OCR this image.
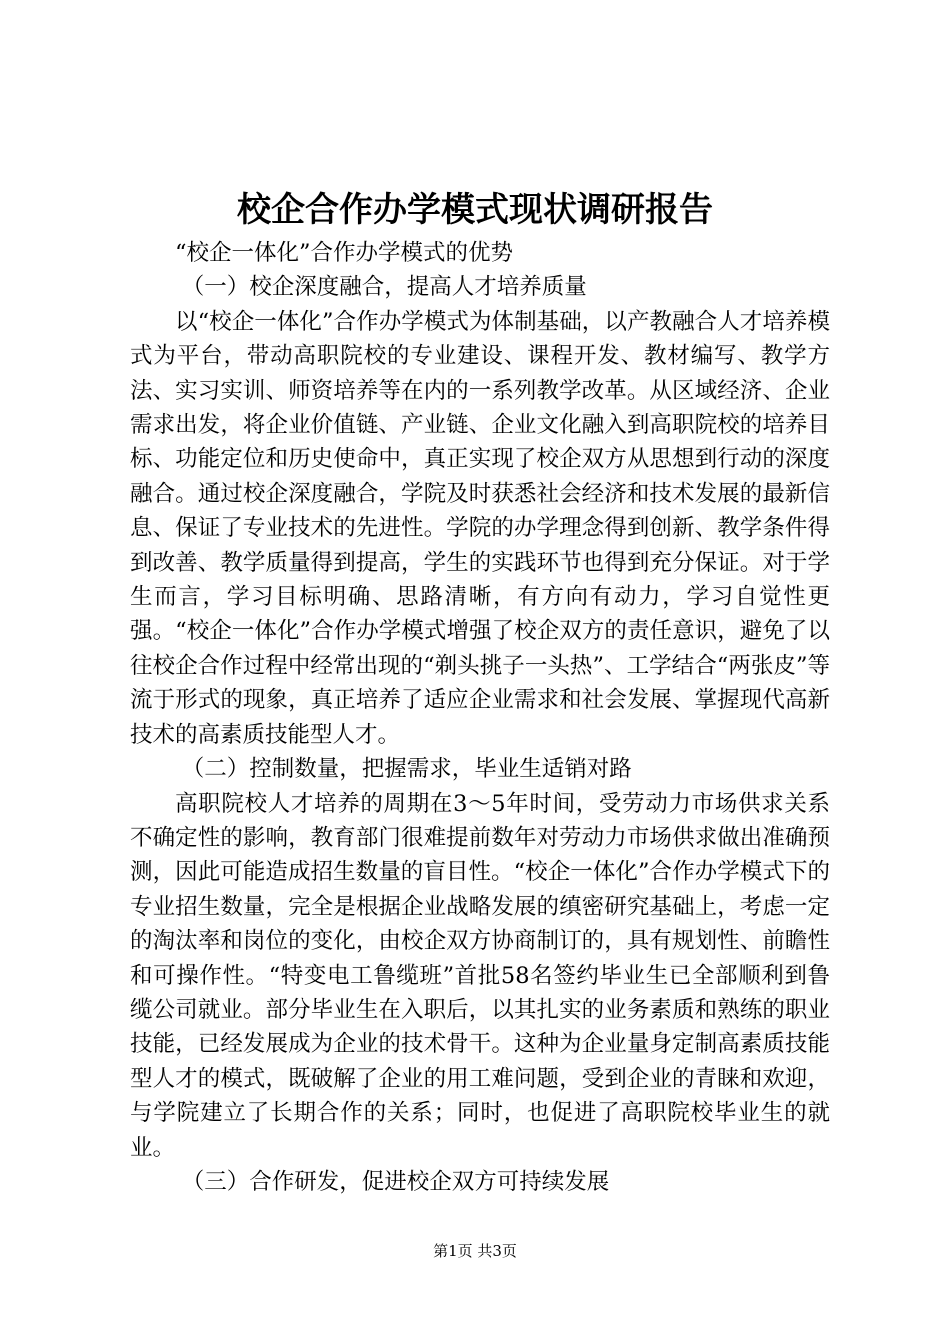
校企合作办学模式现状调研报告

“校企一体化”合作办学模式的优势

（一）校企深度融合，提高人才培养质量

以“校企一体化”合作办学模式为体制基础，以产教融合人才培养模式为平台，带动高职院校的专业建设、课程开发、教材编写、教学方法、实习实训、师资培养等在内的一系列教学改革。从区域经济、企业需求出发，将企业价值链、产业链、企业文化融入到高职院校的培养目标、功能定位和历史使命中，真正实现了校企双方从思想到行动的深度融合。通过校企深度融合，学院及时获悉社会经济和技术发展的最新信息、保证了专业技术的先进性。学院的办学理念得到创新、教学条件得到改善、教学质量得到提高，学生的实践环节也得到充分保证。对于学生而言，学习目标明确、思路清晰，有方向有动力，学习自觉性更强。“校企一体化”合作办学模式增强了校企双方的责任意识，避免了以往校企合作过程中经常出现的“剃头挑子一头热”、工学结合“两张皮”等流于形式的现象，真正培养了适应企业需求和社会发展、掌握现代高新技术的高素质技能型人才。

（二）控制数量，把握需求，毕业生适销对路

高职院校人才培养的周期在3～5年时间，受劳动力市场供求关系不确定性的影响，教育部门很难提前数年对劳动力市场供求做出准确预测，因此可能造成招生数量的盲目性。“校企一体化”合作办学模式下的专业招生数量，完全是根据企业战略发展的缜密研究基础上，考虑一定的淘汰率和岗位的变化，由校企双方协商制订的，具有规划性、前瞻性和可操作性。“特变电工鲁缆班”首批58名签约毕业生已全部顺利到鲁缆公司就业。部分毕业生在入职后，以其扎实的业务素质和熟练的职业技能，已经发展成为企业的技术骨干。这种为企业量身定制高素质技能型人才的模式，既破解了企业的用工难问题，受到企业的青睐和欢迎，与学院建立了长期合作的关系；同时，也促进了高职院校毕业生的就业。

（三）合作研发，促进校企双方可持续发展

第1页 共3页
